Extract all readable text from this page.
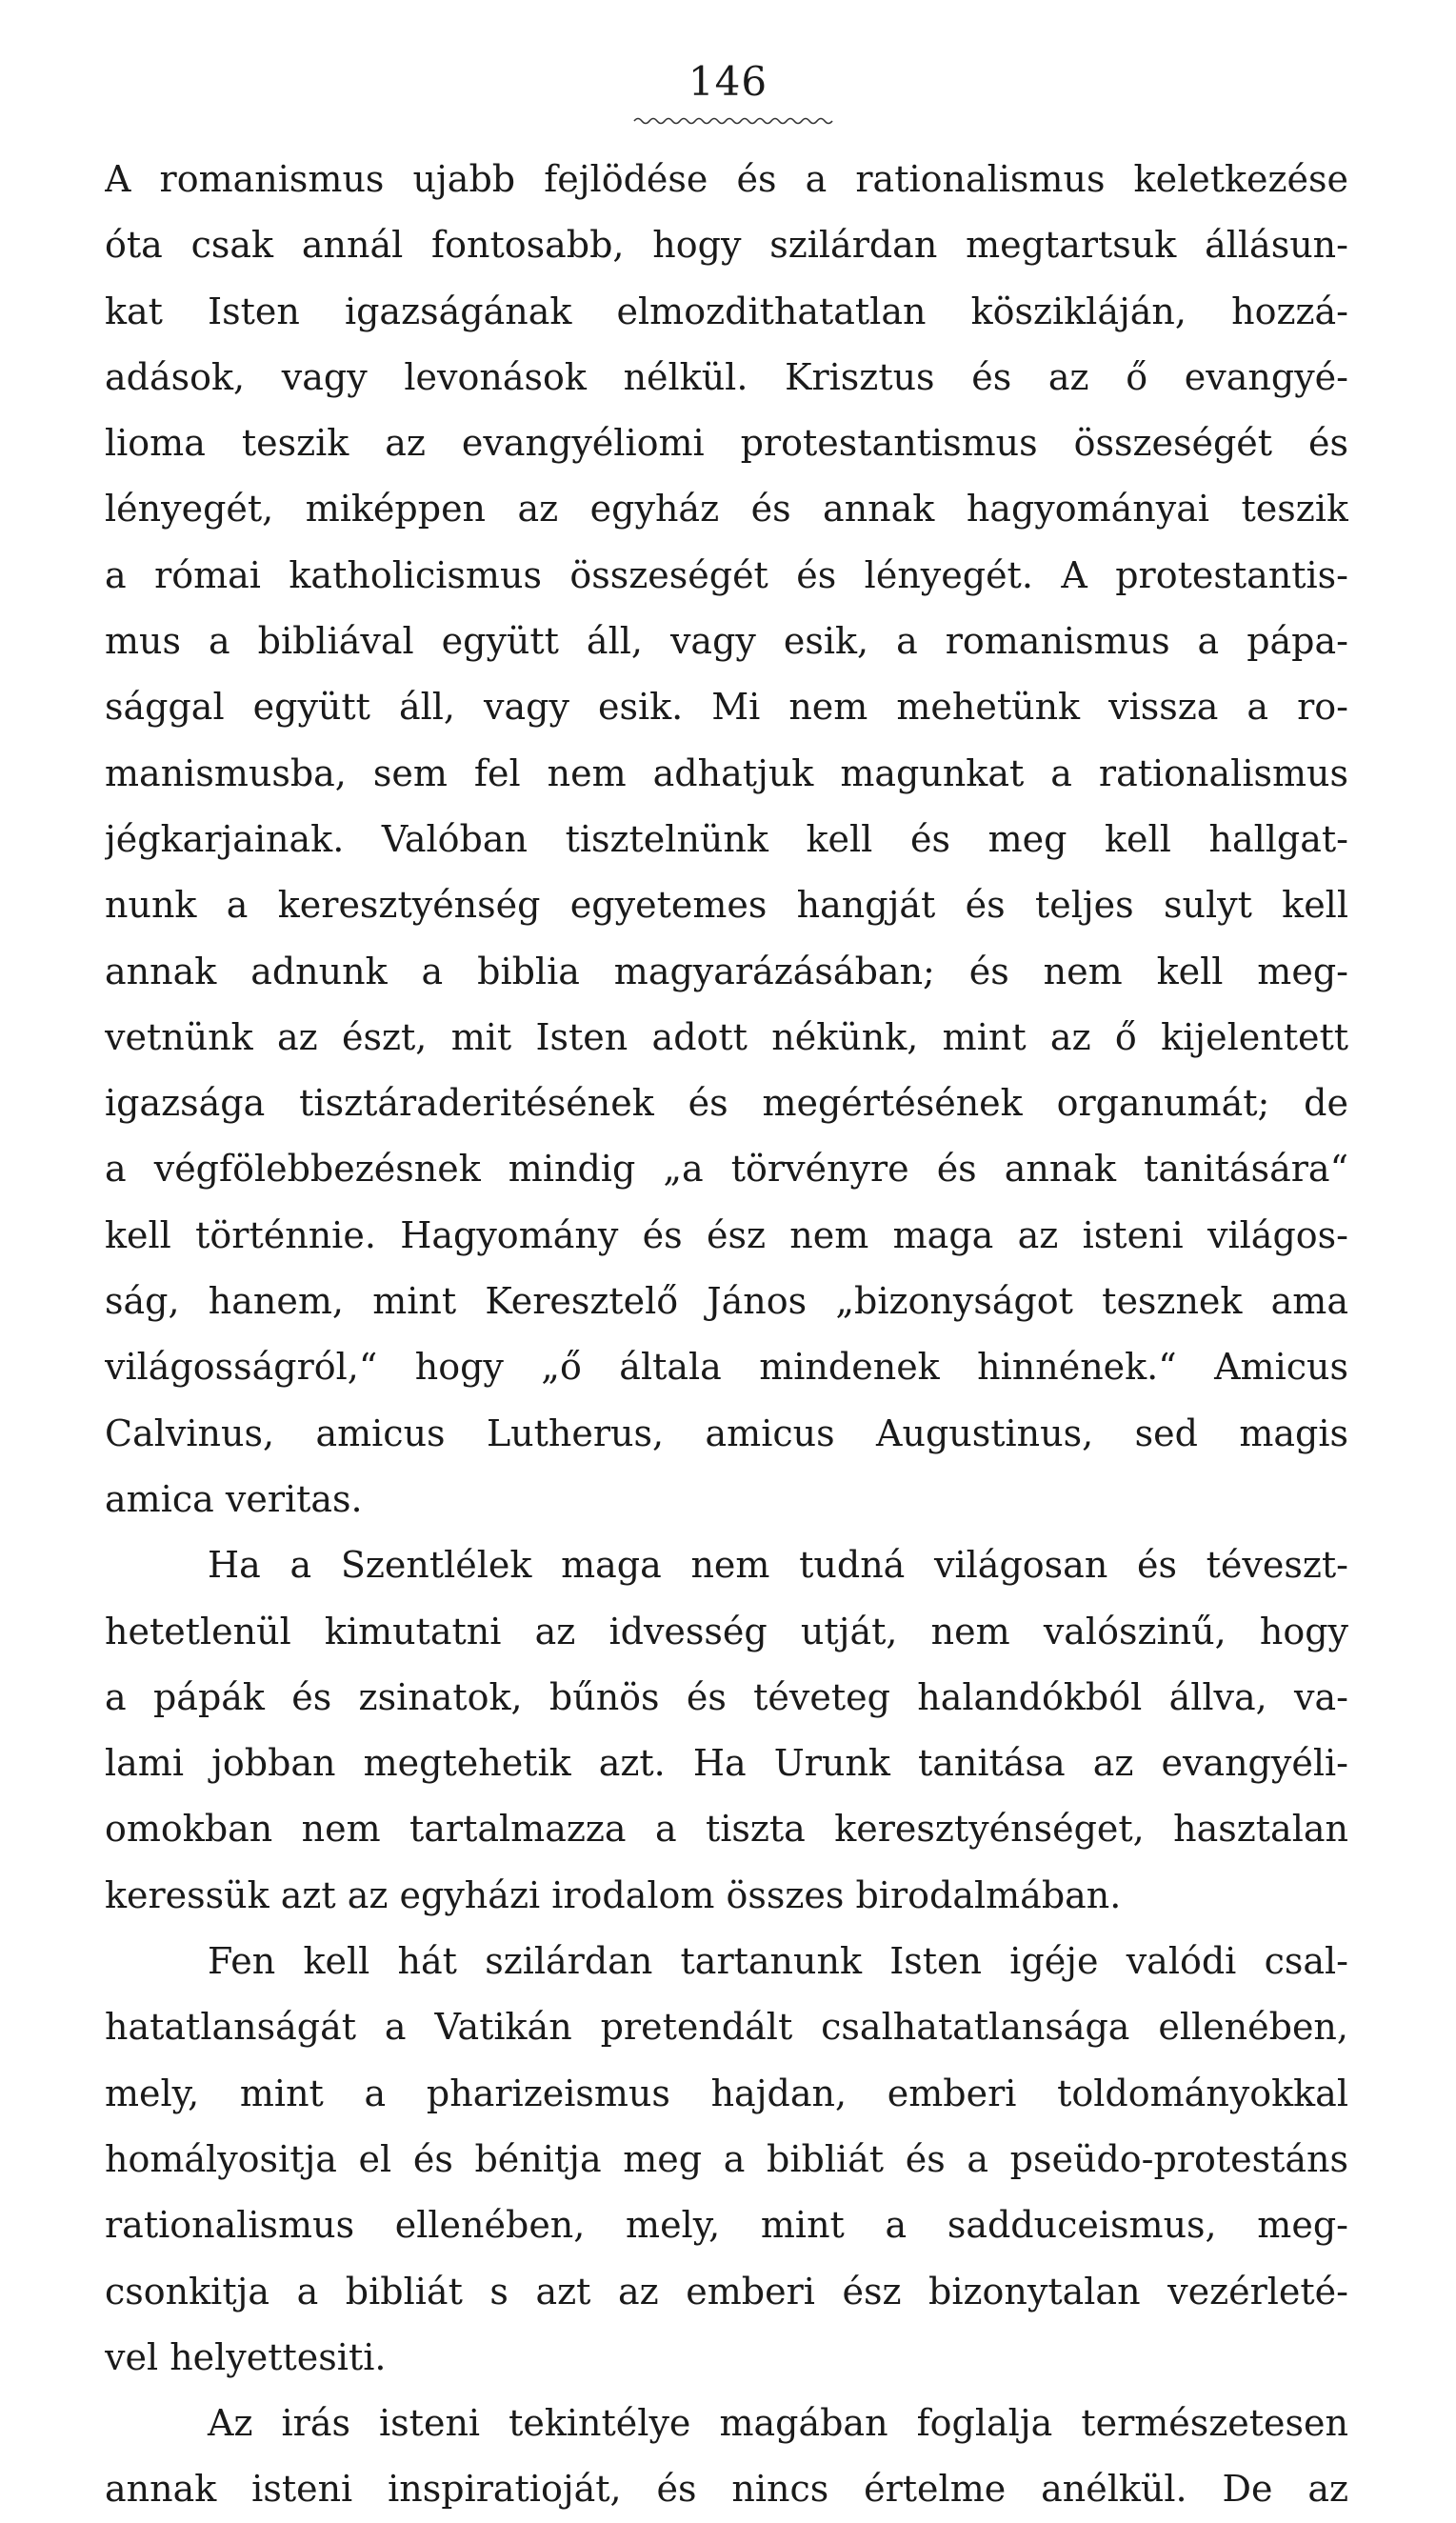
146
A romanismus ujabb fejlödése és a rationalismus keletkezése
óta csak annál fontosabb, hogy szilárdan megtartsuk állásun-
kat Isten igazságának elmozdithatatlan köszikláján, hozzá-
adások, vagy levonások nélkül. Krisztus és az ő evangyé-
lioma teszik az evangyéliomi protestantismus összeségét és
lényegét, miképpen az egyház és annak hagyományai teszik
a római katholicismus összeségét és lényegét. A protestantis-
mus a bibliával együtt áll, vagy esik, a romanismus a pápa-
sággal együtt áll, vagy esik. Mi nem mehetünk vissza a ro-
manismusba, sem fel nem adhatjuk magunkat a rationalismus
jégkarjainak. Valóban tisztelnünk kell és meg kell hallgat-
nunk a keresztyénség egyetemes hangját és teljes sulyt kell
annak adnunk a biblia magyarázásában; és nem kell meg-
vetnünk az észt, mit Isten adott nékünk, mint az ő kijelentett
igazsága tisztáraderitésének és megértésének organumát; de
a végfölebbezésnek mindig „a törvényre és annak tanitására“
kell történnie. Hagyomány és ész nem maga az isteni világos-
ság, hanem, mint Keresztelő János „bizonyságot tesznek ama
világosságról,“ hogy „ő általa mindenek hinnének.“ Amicus
Calvinus, amicus Lutherus, amicus Augustinus, sed magis
amica veritas.
Ha a Szentlélek maga nem tudná világosan és téveszt-
hetetlenül kimutatni az idvesség utját, nem valószinű, hogy
a pápák és zsinatok, bűnös és téveteg halandókból állva, va-
lami jobban megtehetik azt. Ha Urunk tanitása az evangyéli-
omokban nem tartalmazza a tiszta keresztyénséget, hasztalan
keressük azt az egyházi irodalom összes birodalmában.
Fen kell hát szilárdan tartanunk Isten igéje valódi csal-
hatatlanságát a Vatikán pretendált csalhatatlansága ellenében,
mely, mint a pharizeismus hajdan, emberi toldományokkal
homályositja el és bénitja meg a bibliát és a pseüdo-protestáns
rationalismus ellenében, mely, mint a sadduceismus, meg-
csonkitja a bibliát s azt az emberi ész bizonytalan vezérleté-
vel helyettesiti.
Az irás isteni tekintélye magában foglalja természetesen
annak isteni inspiratioját, és nincs értelme anélkül. De az
